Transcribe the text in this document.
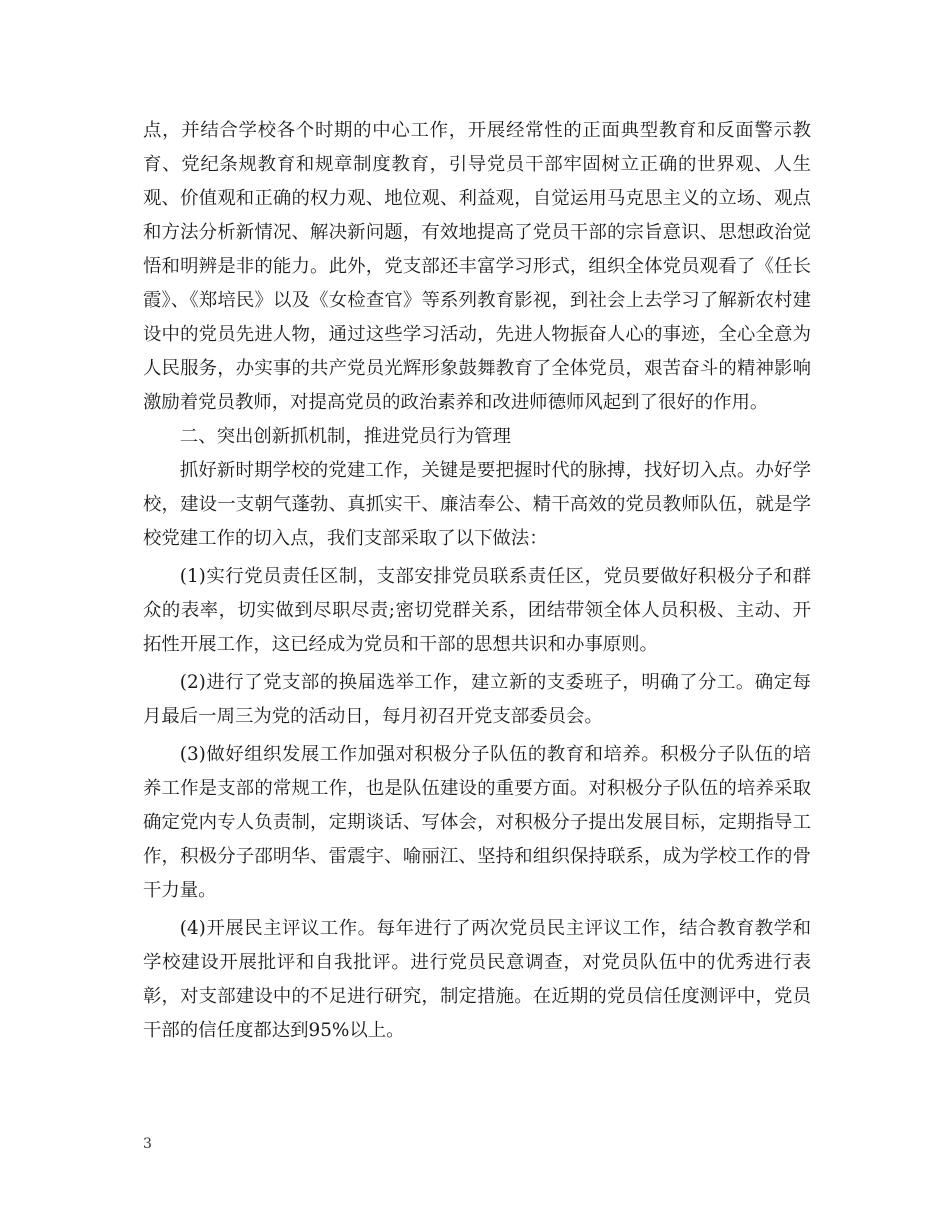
点，并结合学校各个时期的中心工作，开展经常性的正面典型教育和反面警示教育、党纪条规教育和规章制度教育，引导党员干部牢固树立正确的世界观、人生观、价值观和正确的权力观、地位观、利益观，自觉运用马克思主义的立场、观点和方法分析新情况、解决新问题，有效地提高了党员干部的宗旨意识、思想政治觉悟和明辨是非的能力。此外，党支部还丰富学习形式，组织全体党员观看了《任长霞》、《郑培民》以及《女检查官》等系列教育影视，到社会上去学习了解新农村建设中的党员先进人物，通过这些学习活动，先进人物振奋人心的事迹，全心全意为人民服务，办实事的共产党员光辉形象鼓舞教育了全体党员，艰苦奋斗的精神影响激励着党员教师，对提高党员的政治素养和改进师德师风起到了很好的作用。

二、突出创新抓机制，推进党员行为管理

抓好新时期学校的党建工作，关键是要把握时代的脉搏，找好切入点。办好学校，建设一支朝气蓬勃、真抓实干、廉洁奉公、精干高效的党员教师队伍，就是学校党建工作的切入点，我们支部采取了以下做法：

(1)实行党员责任区制，支部安排党员联系责任区，党员要做好积极分子和群众的表率，切实做到尽职尽责;密切党群关系，团结带领全体人员积极、主动、开拓性开展工作，这已经成为党员和干部的思想共识和办事原则。

(2)进行了党支部的换届选举工作，建立新的支委班子，明确了分工。确定每月最后一周三为党的活动日，每月初召开党支部委员会。

(3)做好组织发展工作加强对积极分子队伍的教育和培养。积极分子队伍的培养工作是支部的常规工作，也是队伍建设的重要方面。对积极分子队伍的培养采取确定党内专人负责制，定期谈话、写体会，对积极分子提出发展目标，定期指导工作，积极分子邵明华、雷震宇、喻丽江、坚持和组织保持联系，成为学校工作的骨干力量。

(4)开展民主评议工作。每年进行了两次党员民主评议工作，结合教育教学和学校建设开展批评和自我批评。进行党员民意调查，对党员队伍中的优秀进行表彰，对支部建设中的不足进行研究，制定措施。在近期的党员信任度测评中，党员干部的信任度都达到95%以上。

3
